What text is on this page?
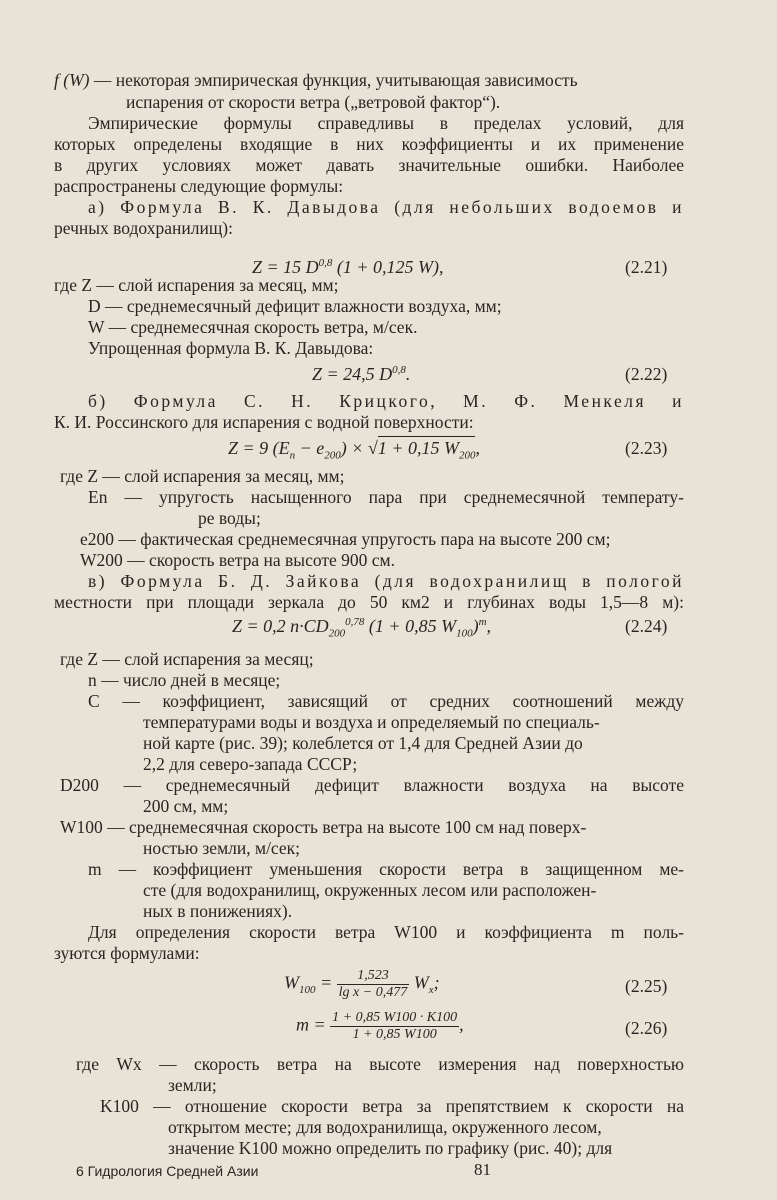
f (W) — некоторая эмпирическая функция, учитывающая зависимость
испарения от скорости ветра („ветровой фактор“).
Эмпирические формулы справедливы в пределах условий, для
которых определены входящие в них коэффициенты и их применение
в других условиях может давать значительные ошибки. Наиболее
распространены следующие формулы:
а) Формула В. К. Давыдова (для небольших водоемов и
речных водохранилищ):
Z = 15 D$^{0,8}$ (1 + 0,125 W),	(2.21)
где Z — слой испарения за месяц, мм;
D — среднемесячный дефицит влажности воздуха, мм;
W — среднемесячная скорость ветра, м/сек.
Упрощенная формула В. К. Давыдова:
Z = 24,5 D$^{0,8}$.	(2.22)
б) Формула С. Н. Крицкого, М. Ф. Менкеля и
К. И. Россинского для испарения с водной поверхности:
Z = 9 $(E_п - e_{200}) \times √1 + 0,15$ $W_{200}$,	(2.23)
где Z — слой испарения за месяц, мм;
En — упругость насыщенного пара при среднемесячной температу-
ре воды;
e200 — фактическая среднемесячная упругость пара на высоте 200 см;
W200 — скорость ветра на высоте 900 см.
в) Формула Б. Д. Зайкова (для водохранилищ в пологой
местности при площади зеркала до 50 км2 и глубинах воды 1,5—8 м):
Z = 0,2 $n\cdot CD_{200}^{0,78}$ (1 + 0,85 $W_{100})^m$,	(2.24)
где Z — слой испарения за месяц;
n — число дней в месяце;
C — коэффициент, зависящий от средних соотношений между
температурами воды и воздуха и определяемый по специаль-
ной карте (рис. 39); колеблется от 1,4 для Средней Азии до
2,2 для северо-запада СССР;
D200 — среднемесячный дефицит влажности воздуха на высоте
200 см, мм;
W100 — среднемесячная скорость ветра на высоте 100 см над поверх-
ностью земли, м/сек;
m — коэффициент уменьшения скорости ветра в защищенном ме-
сте (для водохранилищ, окруженных лесом или расположен-
ных в понижениях).
Для определения скорости ветра W100 и коэффициента m поль-
зуются формулами:
$W_{100} = \frac{1,523}{\text{lg x − 0,477}} W_x$;	(2.25)
$m = \frac{1 + 0,85 W100 \cdot K100}{1 + 0,85 W100}$ ,	(2.26)
где Wx — скорость ветра на высоте измерения над поверхностью
земли;
K100 — отношение скорости ветра за препятствием к скорости на
открытом месте; для водохранилища, окруженного лесом,
значение K100 можно определить по графику (рис. 40); для
6 Гидрология Средней Азии	81
